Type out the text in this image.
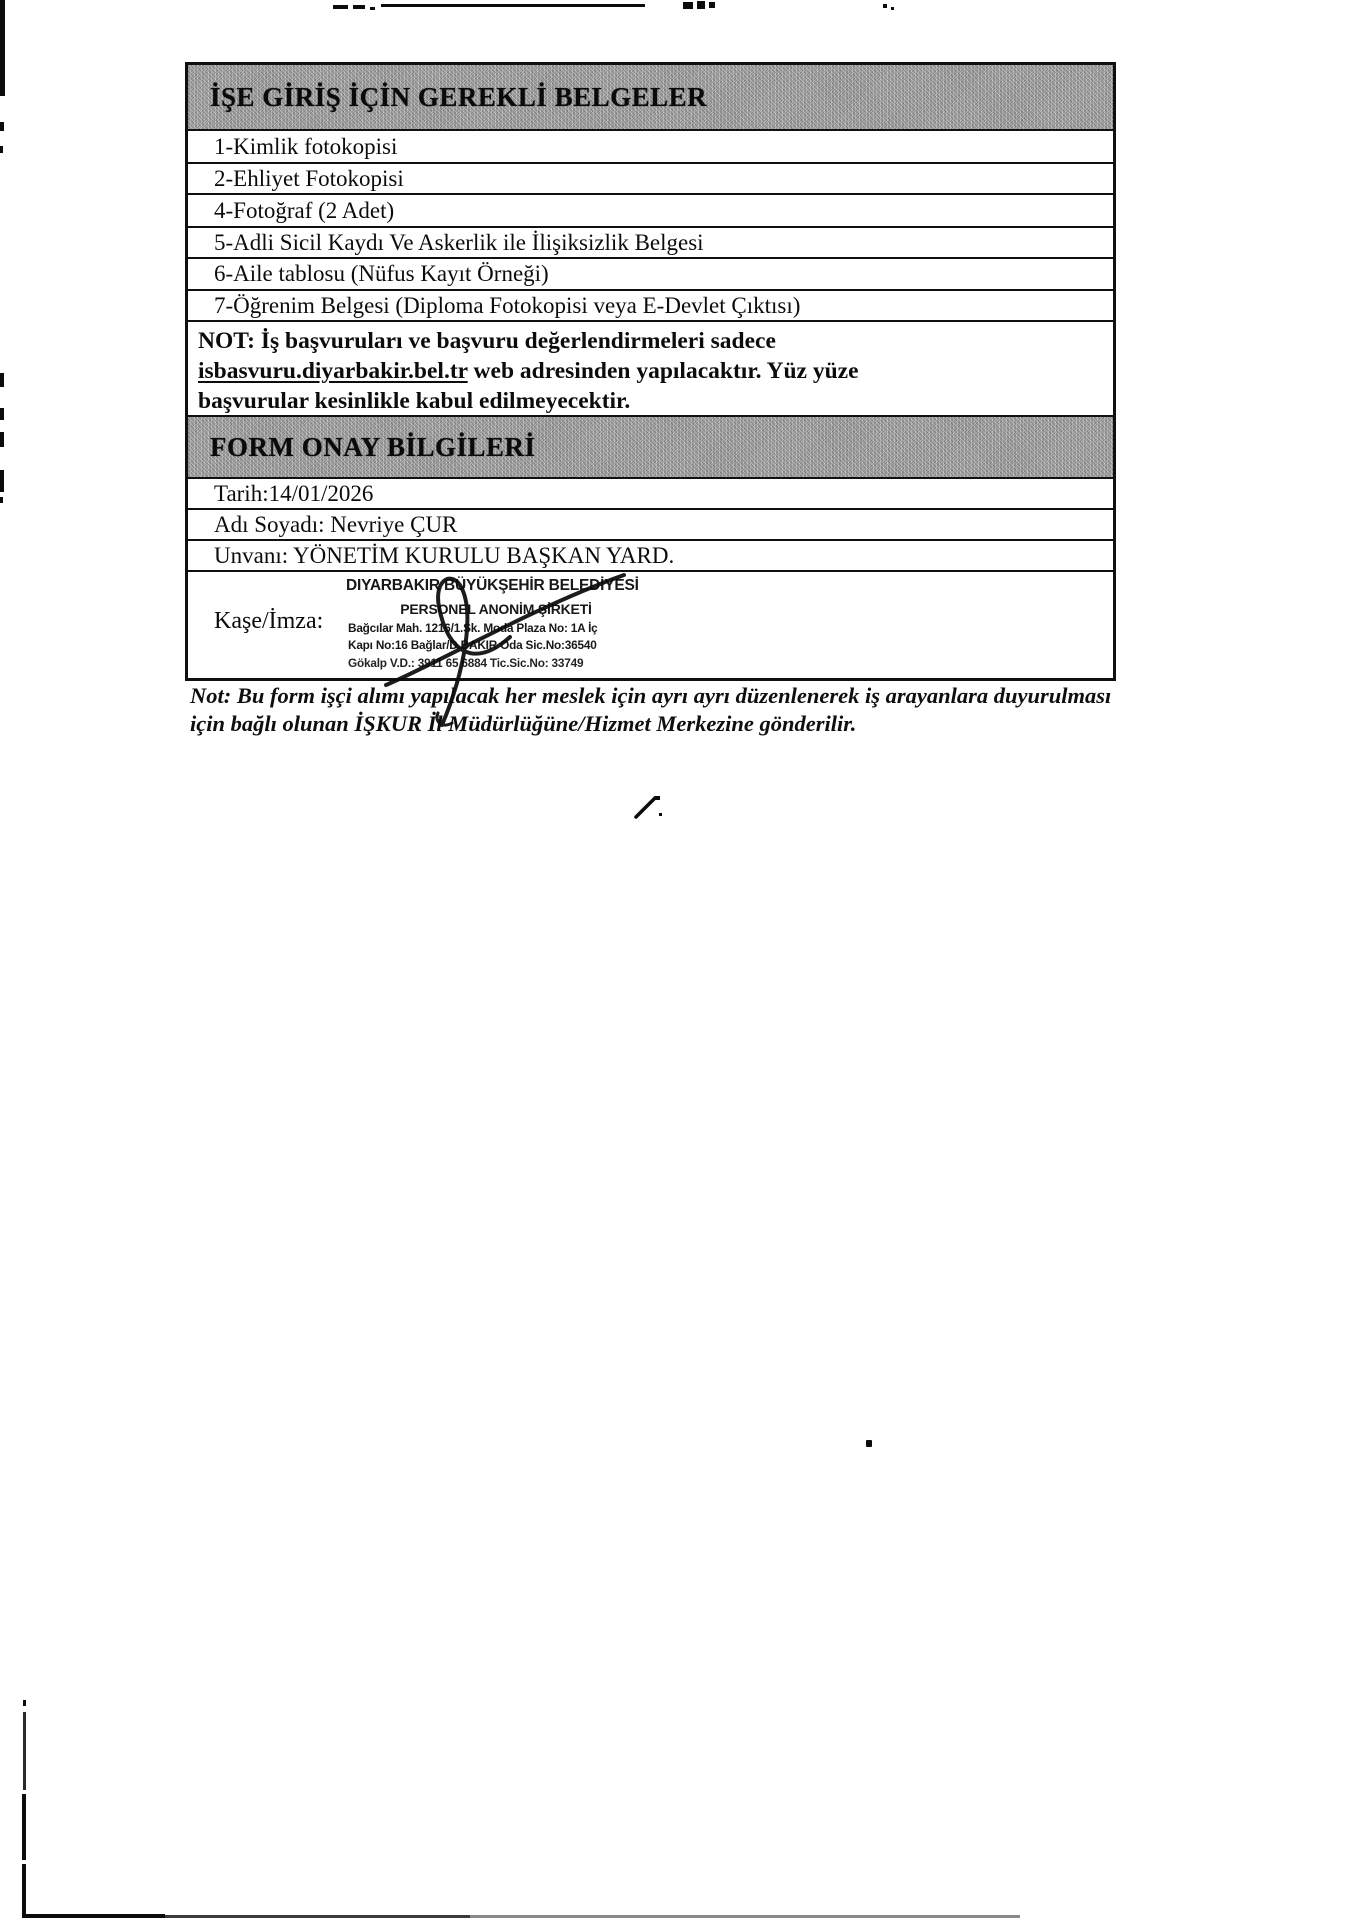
İŞE GİRİŞ İÇİN GEREKLİ BELGELER
1-Kimlik fotokopisi
2-Ehliyet Fotokopisi
4-Fotoğraf (2 Adet)
5-Adli Sicil Kaydı Ve Askerlik ile İlişiksizlik Belgesi
6-Aile tablosu (Nüfus Kayıt Örneği)
7-Öğrenim Belgesi (Diploma Fotokopisi veya E-Devlet Çıktısı)
NOT: İş başvuruları ve başvuru değerlendirmeleri sadece
isbasvuru.diyarbakir.bel.tr web adresinden yapılacaktır. Yüz yüze
başvurular kesinlikle kabul edilmeyecektir.
FORM ONAY BİLGİLERİ
Tarih:14/01/2026
Adı Soyadı: Nevriye ÇUR
Unvanı: YÖNETİM KURULU BAŞKAN YARD.
Kaşe/İmza:
DIYARBAKIR BÜYÜKŞEHİR BELEDİYESİ
PERSONEL ANONİM ŞİRKETİ
Bağcılar Mah. 1216/1.Sk. Moda Plaza No: 1A İç
Kapı No:16 Bağlar/D.BAKIR Oda Sic.No:36540
Gökalp V.D.: 3911 65 6884 Tic.Sic.No: 33749
Not: Bu form işçi alımı yapılacak her meslek için ayrı ayrı düzenlenerek iş arayanlara duyurulması için bağlı olunan İŞKUR İl Müdürlüğüne/Hizmet Merkezine gönderilir.
